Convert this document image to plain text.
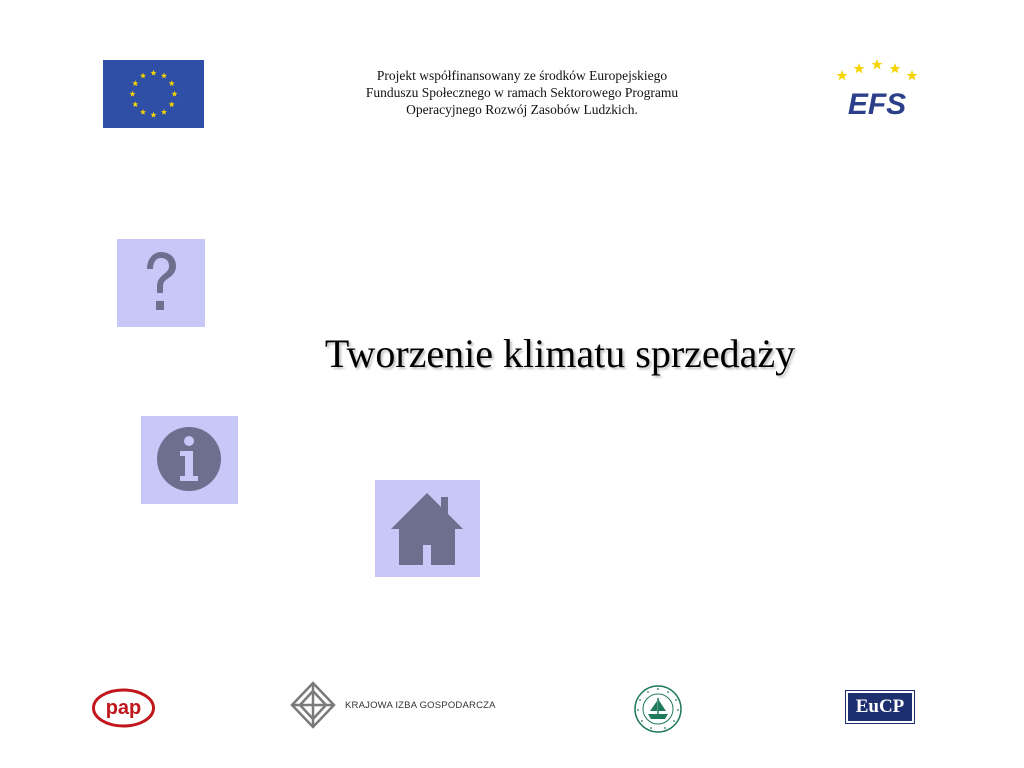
Projekt współfinansowany ze środków Europejskiego
Funduszu Społecznego w ramach Sektorowego Programu
Operacyjnego Rozwój Zasobów Ludzkich.	EFS
Tworzenie klimatu sprzedaży
pap	KRAJOWA IZBA GOSPODARCZA	EuCP
